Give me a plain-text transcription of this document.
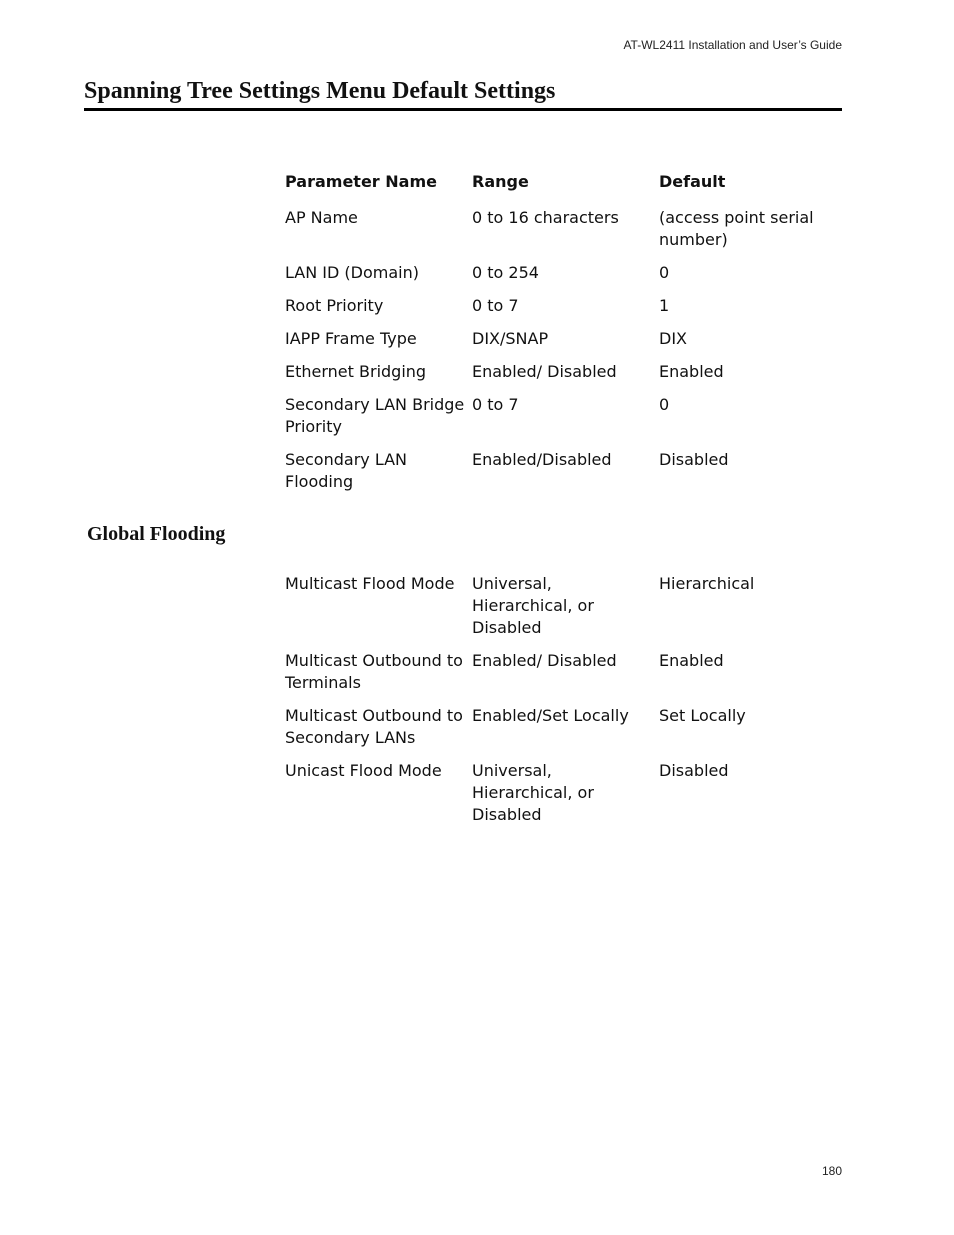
AT-WL2411 Installation and User’s Guide
Spanning Tree Settings Menu Default Settings
Parameter Name	Range	Default
AP Name	0 to 16 characters	(access point serial number)
LAN ID (Domain)	0 to 254	0
Root Priority	0 to 7	1
IAPP Frame Type	DIX/SNAP	DIX
Ethernet Bridging	Enabled/ Disabled	Enabled
Secondary LAN Bridge Priority	0 to 7	0
Secondary LAN Flooding	Enabled/Disabled	Disabled
Global Flooding
Multicast Flood Mode	Universal, Hierarchical, or Disabled	Hierarchical
Multicast Outbound to Terminals	Enabled/ Disabled	Enabled
Multicast Outbound to Secondary LANs	Enabled/Set Locally	Set Locally
Unicast Flood Mode	Universal, Hierarchical, or Disabled	Disabled
180
